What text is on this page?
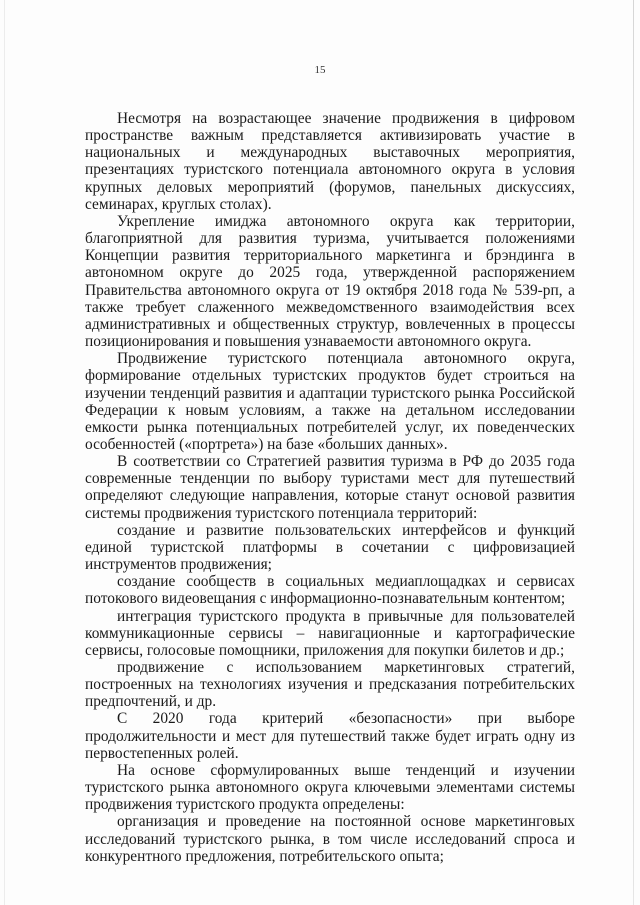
15

Несмотря на возрастающее значение продвижения в цифровом пространстве важным представляется активизировать участие в национальных и международных выставочных мероприятия, презентациях туристского потенциала автономного округа в условия крупных деловых мероприятий (форумов, панельных дискуссиях, семинарах, круглых столах).

Укрепление имиджа автономного округа как территории, благоприятной для развития туризма, учитывается положениями Концепции развития территориального маркетинга и брэндинга в автономном округе до 2025 года, утвержденной распоряжением Правительства автономного округа от 19 октября 2018 года № 539-рп, а также требует слаженного межведомственного взаимодействия всех административных и общественных структур, вовлеченных в процессы позиционирования и повышения узнаваемости автономного округа.

Продвижение туристского потенциала автономного округа, формирование отдельных туристских продуктов будет строиться на изучении тенденций развития и адаптации туристского рынка Российской Федерации к новым условиям, а также на детальном исследовании емкости рынка потенциальных потребителей услуг, их поведенческих особенностей («портрета») на базе «больших данных».

В соответствии со Стратегией развития туризма в РФ до 2035 года современные тенденции по выбору туристами мест для путешествий определяют следующие направления, которые станут основой развития системы продвижения туристского потенциала территорий:

создание и развитие пользовательских интерфейсов и функций единой туристской платформы в сочетании с цифровизацией инструментов продвижения;

создание сообществ в социальных медиаплощадках и сервисах потокового видеовещания с информационно-познавательным контентом;

интеграция туристского продукта в привычные для пользователей коммуникационные сервисы – навигационные и картографические сервисы, голосовые помощники, приложения для покупки билетов и др.;

продвижение с использованием маркетинговых стратегий, построенных на технологиях изучения и предсказания потребительских предпочтений, и др.

С 2020 года критерий «безопасности» при выборе продолжительности и мест для путешествий также будет играть одну из первостепенных ролей.

На основе сформулированных выше тенденций и изучении туристского рынка автономного округа ключевыми элементами системы продвижения туристского продукта определены:

организация и проведение на постоянной основе маркетинговых исследований туристского рынка, в том числе исследований спроса и конкурентного предложения, потребительского опыта;
